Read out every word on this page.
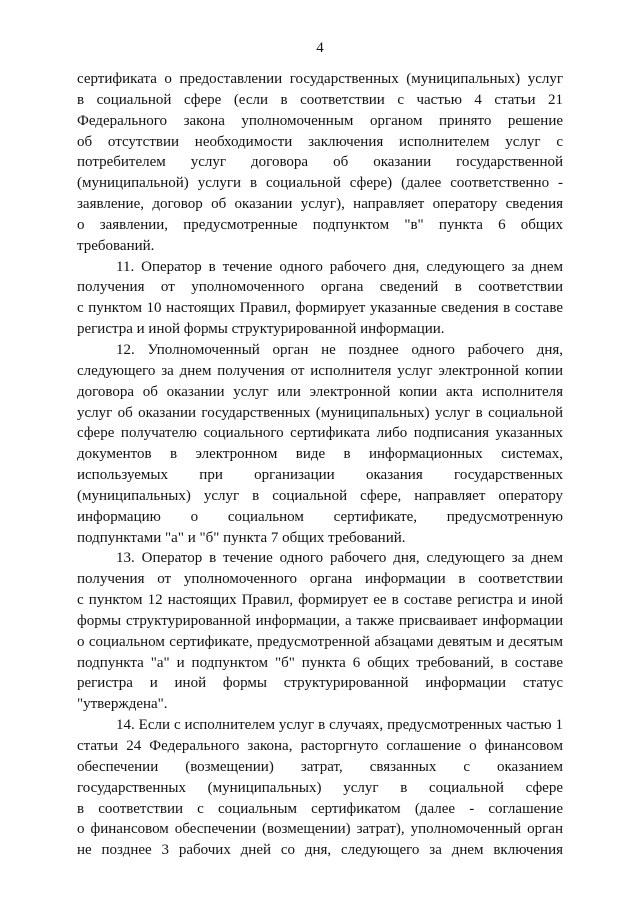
4
сертификата о предоставлении государственных (муниципальных) услуг
в социальной сфере (если в соответствии с частью 4 статьи 21
Федерального закона уполномоченным органом принято решение
об отсутствии необходимости заключения исполнителем услуг с
потребителем услуг договора об оказании государственной
(муниципальной) услуги в социальной сфере) (далее соответственно -
заявление, договор об оказании услуг), направляет оператору сведения
о заявлении, предусмотренные подпунктом "в" пункта 6 общих
требований.
11. Оператор в течение одного рабочего дня, следующего за днем
получения от уполномоченного органа сведений в соответствии
с пунктом 10 настоящих Правил, формирует указанные сведения в составе
регистра и иной формы структурированной информации.
12. Уполномоченный орган не позднее одного рабочего дня,
следующего за днем получения от исполнителя услуг электронной копии
договора об оказании услуг или электронной копии акта исполнителя
услуг об оказании государственных (муниципальных) услуг в социальной
сфере получателю социального сертификата либо подписания указанных
документов в электронном виде в информационных системах,
используемых при организации оказания государственных
(муниципальных) услуг в социальной сфере, направляет оператору
информацию о социальном сертификате, предусмотренную
подпунктами "а" и "б" пункта 7 общих требований.
13. Оператор в течение одного рабочего дня, следующего за днем
получения от уполномоченного органа информации в соответствии
с пунктом 12 настоящих Правил, формирует ее в составе регистра и иной
формы структурированной информации, а также присваивает информации
о социальном сертификате, предусмотренной абзацами девятым и десятым
подпункта "а" и подпунктом "б" пункта 6 общих требований, в составе
регистра и иной формы структурированной информации статус
"утверждена".
14. Если с исполнителем услуг в случаях, предусмотренных частью 1
статьи 24 Федерального закона, расторгнуто соглашение о финансовом
обеспечении (возмещении) затрат, связанных с оказанием
государственных (муниципальных) услуг в социальной сфере
в соответствии с социальным сертификатом (далее - соглашение
о финансовом обеспечении (возмещении) затрат), уполномоченный орган
не позднее 3 рабочих дней со дня, следующего за днем включения
